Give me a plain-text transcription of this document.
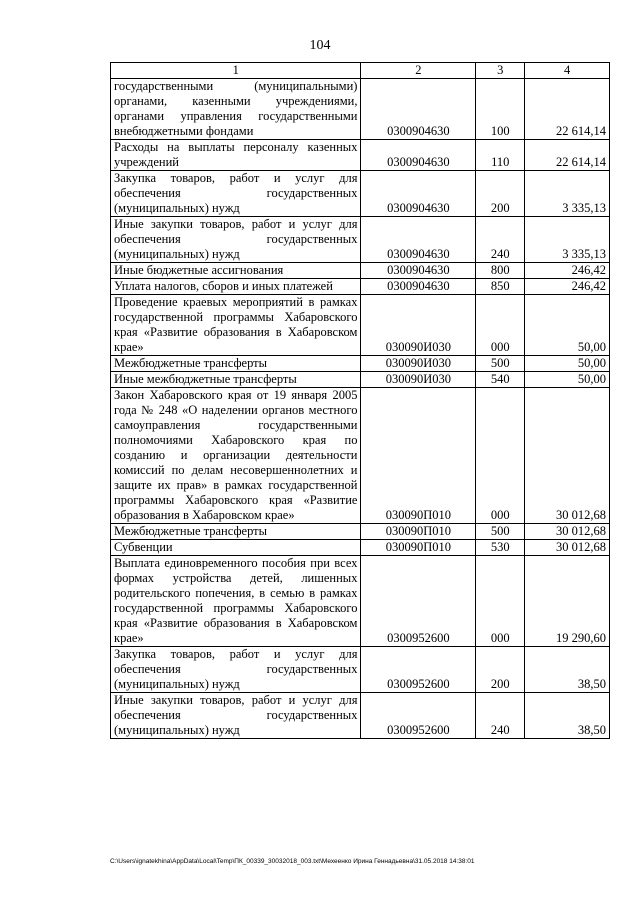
104
1	2	3	4
государственными (муниципальными) органами, казенными учреждениями, органами управления государственными внебюджетными фондами	0300904630	100	22 614,14
Расходы на выплаты персоналу казенных учреждений	0300904630	110	22 614,14
Закупка товаров, работ и услуг для обеспечения государственных (муниципальных) нужд	0300904630	200	3 335,13
Иные закупки товаров, работ и услуг для обеспечения государственных (муниципальных) нужд	0300904630	240	3 335,13
Иные бюджетные ассигнования	0300904630	800	246,42
Уплата налогов, сборов и иных платежей	0300904630	850	246,42
Проведение краевых мероприятий в рамках государственной программы Хабаровского края «Развитие образования в Хабаровском крае»	030090И030	000	50,00
Межбюджетные трансферты	030090И030	500	50,00
Иные межбюджетные трансферты	030090И030	540	50,00
Закон Хабаровского края от 19 января 2005 года № 248 «О наделении органов местного самоуправления государственными полномочиями Хабаровского края по созданию и организации деятельности комиссий по делам несовершеннолетних и защите их прав» в рамках государственной программы Хабаровского края «Развитие образования в Хабаровском крае»	030090П010	000	30 012,68
Межбюджетные трансферты	030090П010	500	30 012,68
Субвенции	030090П010	530	30 012,68
Выплата единовременного пособия при всех формах устройства детей, лишенных родительского попечения, в семью в рамках государственной программы Хабаровского края «Развитие образования в Хабаровском крае»	0300952600	000	19 290,60
Закупка товаров, работ и услуг для обеспечения государственных (муниципальных) нужд	0300952600	200	38,50
Иные закупки товаров, работ и услуг для обеспечения государственных (муниципальных) нужд	0300952600	240	38,50
C:\Users\ignatekhina\AppData\Local\Temp\ПК_00339_30032018_003.txt\Мехеенко Ирина Геннадьевна\31.05.2018 14:38:01
